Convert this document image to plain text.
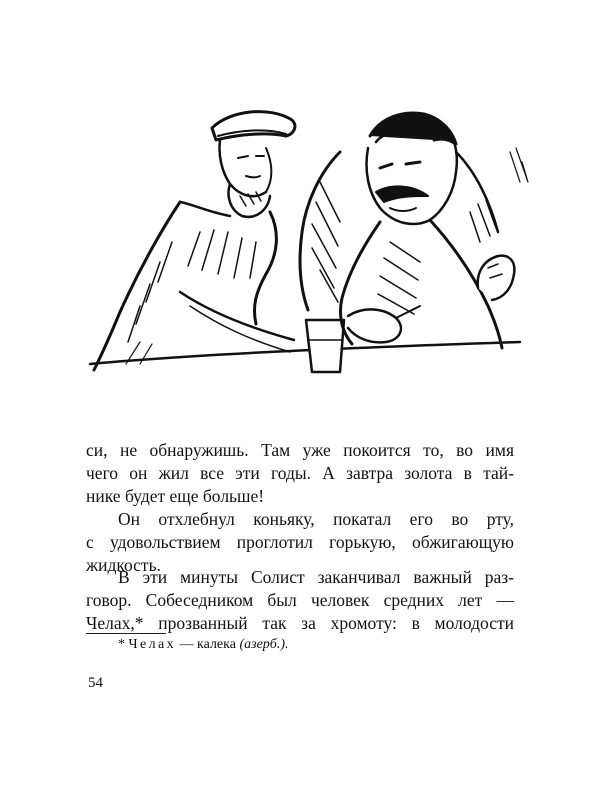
си, не обнаружишь. Там уже покоится то, во имя
чего он жил все эти годы. А завтра золота в тай-
нике будет еще больше!

Он отхлебнул коньяку, покатал его во рту,
с удовольствием проглотил горькую, обжигающую
жидкость.

В эти минуты Солист заканчивал важный раз-
говор. Собеседником был человек средних лет —
Челах,* прозванный так за хромоту: в молодости

* Челах — калека (азерб.).
54
